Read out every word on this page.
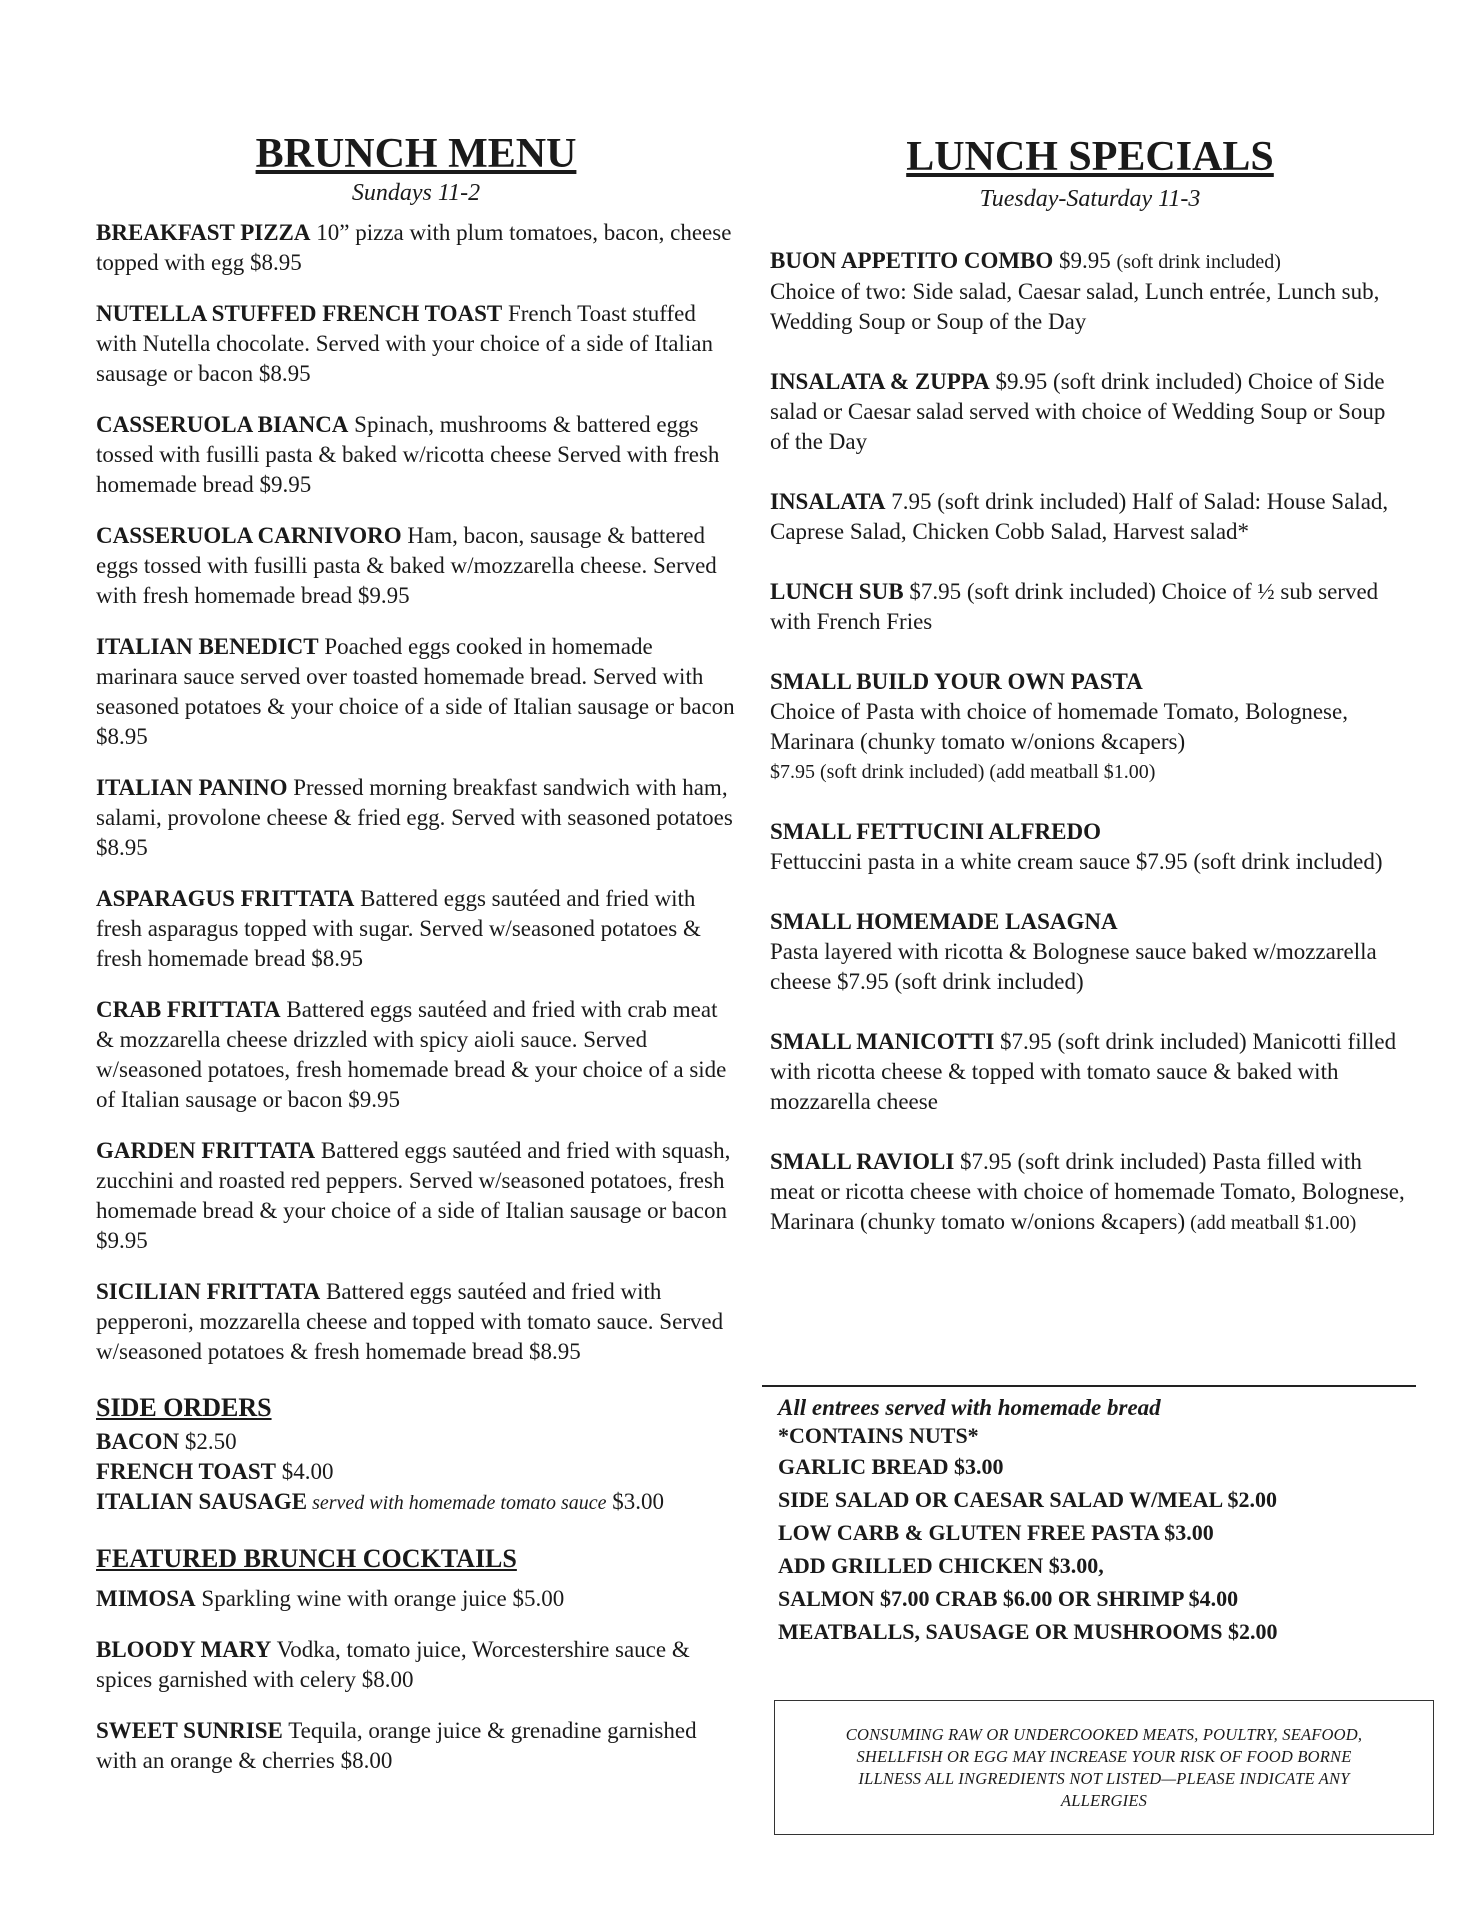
BRUNCH MENU

Sundays 11-2

BREAKFAST PIZZA 10” pizza with plum tomatoes, bacon, cheese topped with egg $8.95

NUTELLA STUFFED FRENCH TOAST French Toast stuffed with Nutella chocolate. Served with your choice of a side of Italian sausage or bacon $8.95

CASSERUOLA BIANCA Spinach, mushrooms & battered eggs tossed with fusilli pasta & baked w/ricotta cheese Served with fresh homemade bread $9.95

CASSERUOLA CARNIVORO Ham, bacon, sausage & battered eggs tossed with fusilli pasta & baked w/mozzarella cheese. Served with fresh homemade bread $9.95

ITALIAN BENEDICT Poached eggs cooked in homemade marinara sauce served over toasted homemade bread. Served with seasoned potatoes & your choice of a side of Italian sausage or bacon $8.95

ITALIAN PANINO Pressed morning breakfast sandwich with ham, salami, provolone cheese & fried egg. Served with seasoned potatoes $8.95

ASPARAGUS FRITTATA Battered eggs sautéed and fried with fresh asparagus topped with sugar. Served w/seasoned potatoes & fresh homemade bread $8.95

CRAB FRITTATA Battered eggs sautéed and fried with crab meat & mozzarella cheese drizzled with spicy aioli sauce. Served w/seasoned potatoes, fresh homemade bread & your choice of a side of Italian sausage or bacon $9.95

GARDEN FRITTATA Battered eggs sautéed and fried with squash, zucchini and roasted red peppers. Served w/seasoned potatoes, fresh homemade bread & your choice of a side of Italian sausage or bacon $9.95

SICILIAN FRITTATA Battered eggs sautéed and fried with pepperoni, mozzarella cheese and topped with tomato sauce. Served w/seasoned potatoes & fresh homemade bread $8.95

SIDE ORDERS

BACON $2.50

FRENCH TOAST $4.00

ITALIAN SAUSAGE served with homemade tomato sauce $3.00

FEATURED BRUNCH COCKTAILS

MIMOSA Sparkling wine with orange juice $5.00

BLOODY MARY Vodka, tomato juice, Worcestershire sauce & spices garnished with celery $8.00

SWEET SUNRISE Tequila, orange juice & grenadine garnished with an orange & cherries $8.00

LUNCH SPECIALS

Tuesday-Saturday 11-3

BUON APPETITO COMBO $9.95 (soft drink included)

Choice of two: Side salad, Caesar salad, Lunch entrée, Lunch sub, Wedding Soup or Soup of the Day

INSALATA & ZUPPA $9.95 (soft drink included) Choice of Side salad or Caesar salad served with choice of Wedding Soup or Soup of the Day

INSALATA 7.95 (soft drink included) Half of Salad: House Salad, Caprese Salad, Chicken Cobb Salad, Harvest salad*

LUNCH SUB $7.95 (soft drink included) Choice of ½ sub served with French Fries

SMALL BUILD YOUR OWN PASTA

Choice of Pasta with choice of homemade Tomato, Bolognese, Marinara (chunky tomato w/onions &capers)

$7.95 (soft drink included) (add meatball $1.00)

SMALL FETTUCINI ALFREDO

Fettuccini pasta in a white cream sauce $7.95 (soft drink included)

SMALL HOMEMADE LASAGNA

Pasta layered with ricotta & Bolognese sauce baked w/mozzarella cheese $7.95 (soft drink included)

SMALL MANICOTTI $7.95 (soft drink included) Manicotti filled with ricotta cheese & topped with tomato sauce & baked with mozzarella cheese

SMALL RAVIOLI $7.95 (soft drink included) Pasta filled with meat or ricotta cheese with choice of homemade Tomato, Bolognese, Marinara (chunky tomato w/onions &capers) (add meatball $1.00)

All entrees served with homemade bread

*CONTAINS NUTS*

GARLIC BREAD $3.00

SIDE SALAD OR CAESAR SALAD W/MEAL $2.00

LOW CARB & GLUTEN FREE PASTA $3.00

ADD GRILLED CHICKEN $3.00,

SALMON $7.00 CRAB $6.00 OR SHRIMP $4.00

MEATBALLS, SAUSAGE OR MUSHROOMS $2.00

CONSUMING RAW OR UNDERCOOKED MEATS, POULTRY, SEAFOOD, SHELLFISH OR EGG MAY INCREASE YOUR RISK OF FOOD BORNE ILLNESS ALL INGREDIENTS NOT LISTED—PLEASE INDICATE ANY ALLERGIES
